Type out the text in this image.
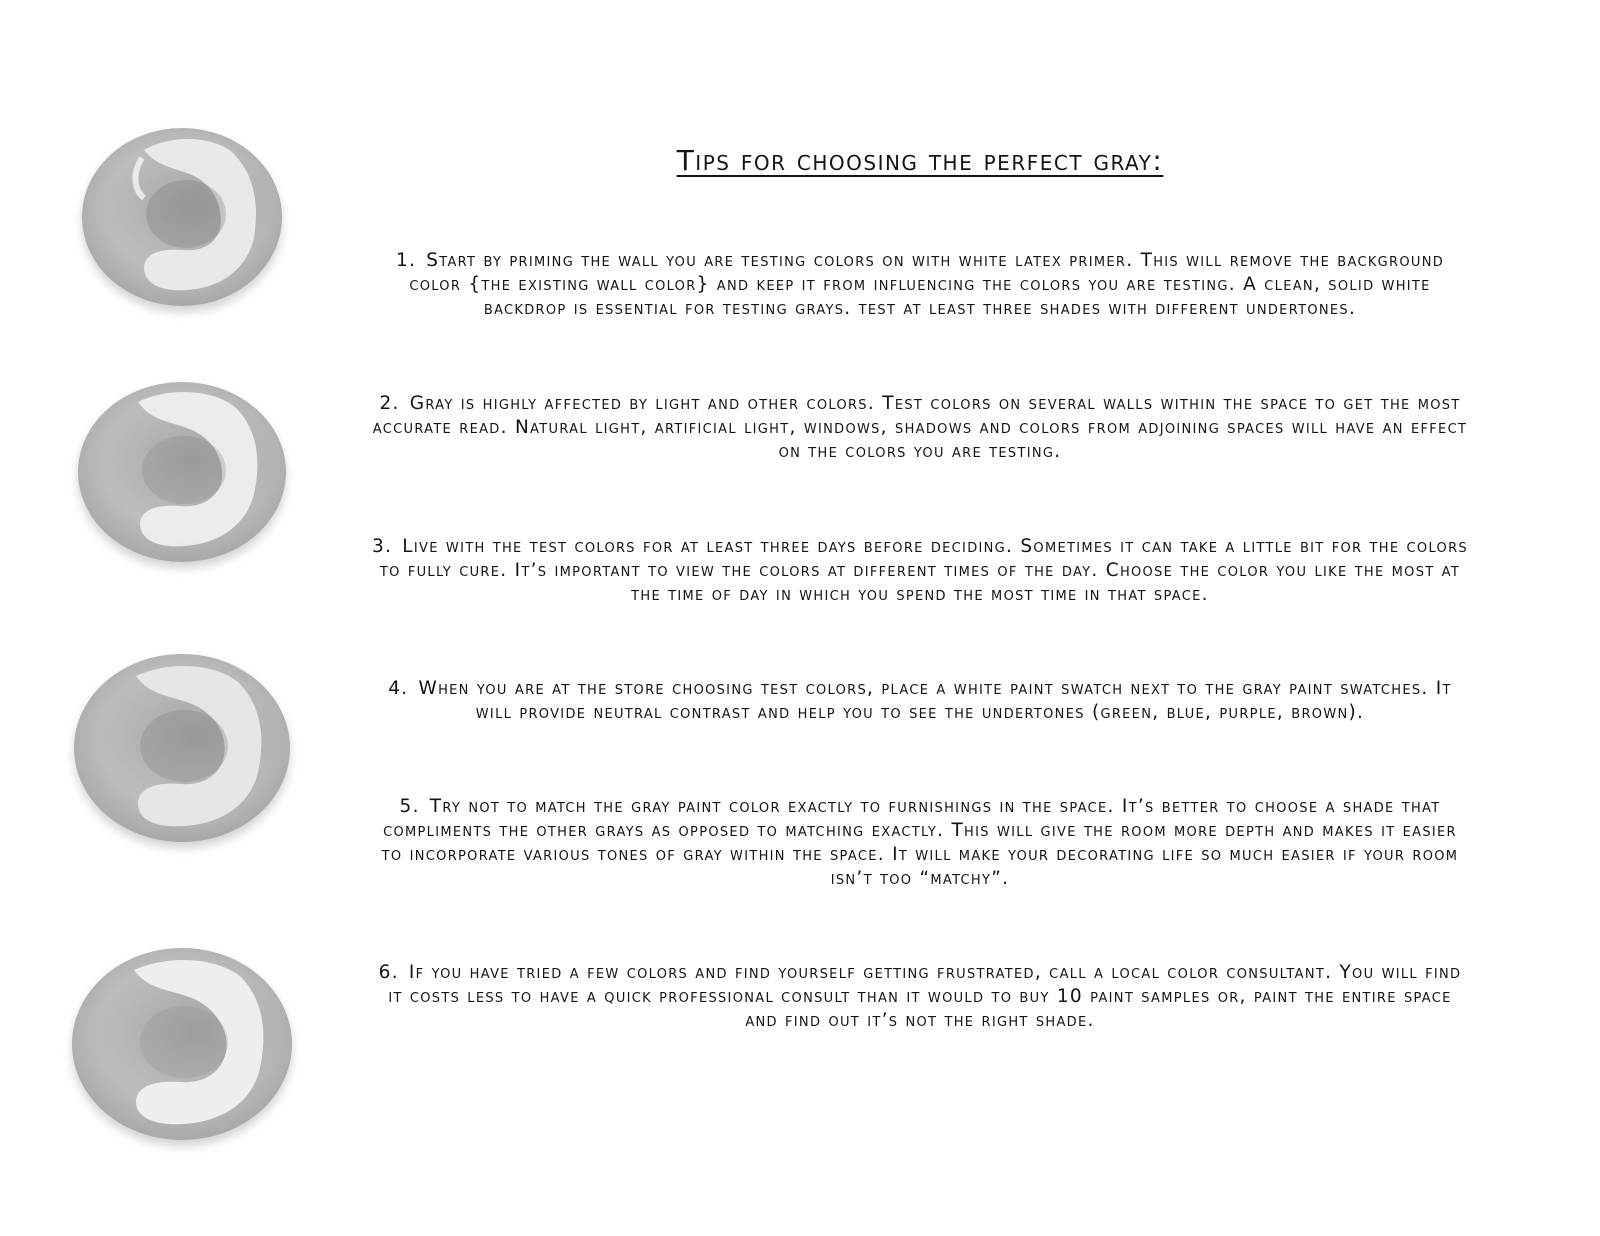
Tips for choosing the perfect gray:

1. Start by priming the wall you are testing colors on with white latex primer. This will remove the background color {the existing wall color} and keep it from influencing the colors you are testing. A clean, solid white backdrop is essential for testing grays. test at least three shades with different undertones.

2. Gray is highly affected by light and other colors. Test colors on several walls within the space to get the most accurate read. Natural light, artificial light, windows, shadows and colors from adjoining spaces will have an effect on the colors you are testing.

3. Live with the test colors for at least three days before deciding. Sometimes it can take a little bit for the colors to fully cure. It’s important to view the colors at different times of the day. Choose the color you like the most at the time of day in which you spend the most time in that space.

4. When you are at the store choosing test colors, place a white paint swatch next to the gray paint swatches. It will provide neutral contrast and help you to see the undertones (green, blue, purple, brown).

5. Try not to match the gray paint color exactly to furnishings in the space. It’s better to choose a shade that compliments the other grays as opposed to matching exactly. This will give the room more depth and makes it easier to incorporate various tones of gray within the space. It will make your decorating life so much easier if your room isn’t too “matchy”.

6. If you have tried a few colors and find yourself getting frustrated, call a local color consultant. You will find it costs less to have a quick professional consult than it would to buy 10 paint samples or, paint the entire space and find out it’s not the right shade.
